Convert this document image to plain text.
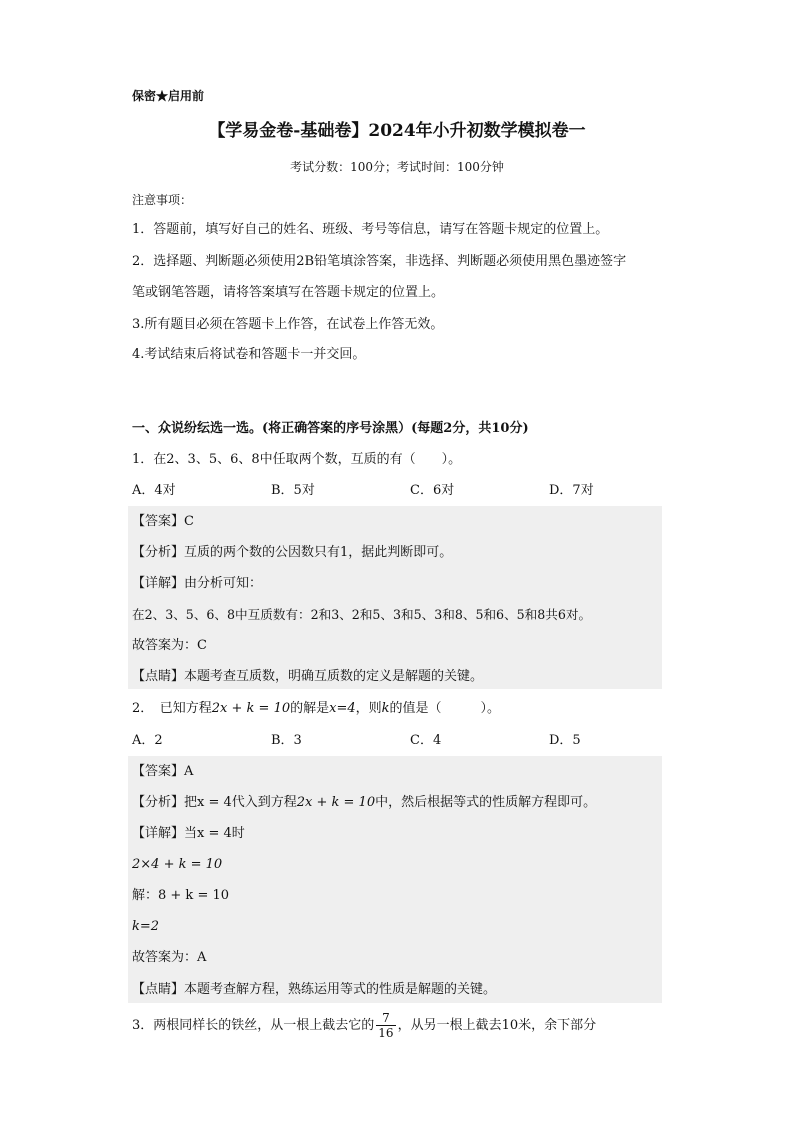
保密★启用前
【学易金卷-基础卷】2024年小升初数学模拟卷一
考试分数：100分；考试时间：100分钟
注意事项：
1．答题前，填写好自己的姓名、班级、考号等信息，请写在答题卡规定的位置上。
2．选择题、判断题必须使用2B铅笔填涂答案，非选择、判断题必须使用黑色墨迹签字
笔或钢笔答题，请将答案填写在答题卡规定的位置上。
3.所有题目必须在答题卡上作答，在试卷上作答无效。
4.考试结束后将试卷和答题卡一并交回。
一、众说纷纭选一选。(将正确答案的序号涂黑）(每题2分，共10分)
1．在2、3、5、6、8中任取两个数，互质的有（　　）。
A．4对	B．5对	C．6对	D．7对
【答案】C
【分析】互质的两个数的公因数只有1，据此判断即可。
【详解】由分析可知：
在2、3、5、6、8中互质数有：2和3、2和5、3和5、3和8、5和6、5和8共6对。
故答案为：C
【点睛】本题考查互质数，明确互质数的定义是解题的关键。
2．　已知方程2x + k = 10的解是x=4，则k的值是（　　　）。
A．2	B．3	C．4	D．5
【答案】A
【分析】把x = 4代入到方程2x + k = 10中，然后根据等式的性质解方程即可。
【详解】当x = 4时
2×4 + k = 10
解：8 + k = 10
k=2
故答案为：A
【点睛】本题考查解方程，熟练运用等式的性质是解题的关键。
3．两根同样长的铁丝，从一根上截去它的 $\frac{7}{16}$ ，从另一根上截去10米，余下部分
